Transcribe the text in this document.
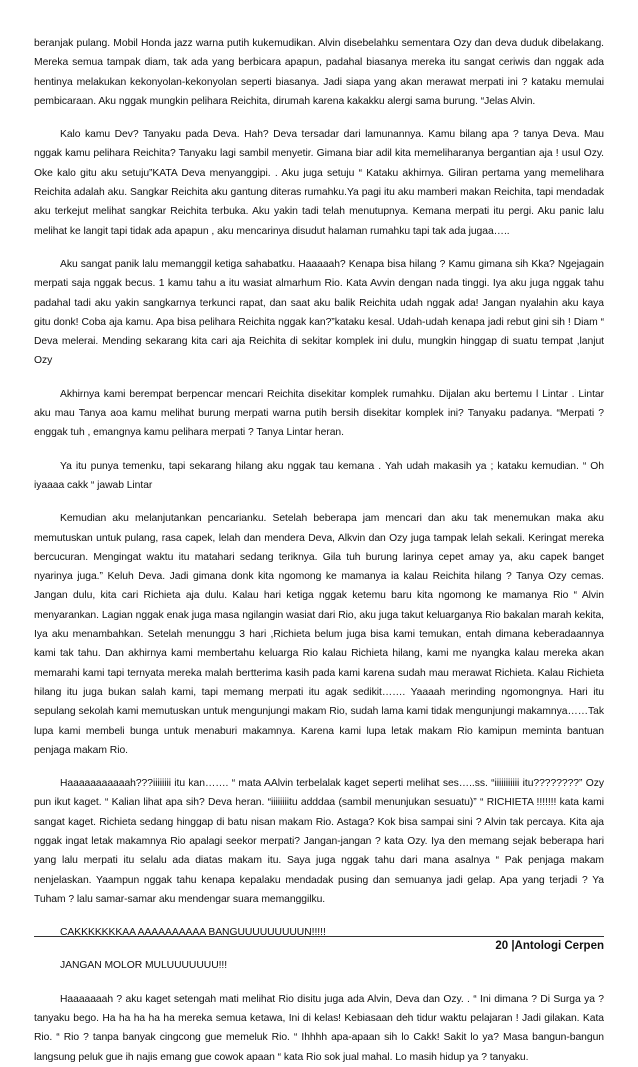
beranjak pulang. Mobil Honda jazz warna putih kukemudikan. Alvin disebelahku sementara Ozy dan deva duduk dibelakang. Mereka semua tampak diam, tak ada yang berbicara apapun, padahal biasanya mereka itu sangat ceriwis dan nggak ada hentinya melakukan kekonyolan-kekonyolan seperti biasanya. Jadi siapa yang akan merawat merpati ini ? kataku memulai pembicaraan. Aku nggak mungkin pelihara Reichita, dirumah karena kakakku alergi sama burung. “Jelas Alvin.

Kalo kamu Dev? Tanyaku pada Deva. Hah? Deva tersadar dari lamunannya. Kamu bilang apa ? tanya Deva. Mau nggak kamu pelihara Reichita? Tanyaku lagi sambil menyetir. Gimana biar adil kita memeliharanya bergantian aja ! usul Ozy. Oke kalo gitu aku setuju”KATA Deva menyanggipi. . Aku juga setuju “ Kataku akhirnya. Giliran pertama yang memelihara Reichita adalah aku. Sangkar Reichita aku gantung diteras rumahku.Ya pagi itu aku mamberi makan Reichita, tapi mendadak aku terkejut melihat sangkar Reichita terbuka. Aku yakin tadi telah menutupnya. Kemana merpati itu pergi. Aku panic lalu melihat ke langit tapi tidak ada apapun , aku mencarinya disudut halaman rumahku tapi tak ada jugaa…..

Aku sangat panik lalu memanggil ketiga sahabatku. Haaaaah? Kenapa bisa hilang ? Kamu gimana sih Kka? Ngejagain merpati saja nggak becus. 1 kamu tahu a itu wasiat almarhum Rio. Kata Avvin dengan nada tinggi. Iya aku juga nggak tahu padahal tadi aku yakin sangkarnya terkunci rapat, dan saat aku balik Reichita udah nggak ada! Jangan nyalahin aku kaya gitu donk! Coba aja kamu. Apa bisa pelihara Reichita nggak kan?”kataku kesal. Udah-udah kenapa jadi rebut gini sih ! Diam “ Deva melerai. Mending sekarang kita cari aja Reichita di sekitar komplek ini dulu, mungkin hinggap di suatu tempat ,lanjut Ozy

Akhirnya kami berempat berpencar mencari Reichita disekitar komplek rumahku. Dijalan aku bertemu l Lintar . Lintar aku mau Tanya aoa kamu melihat burung merpati warna putih bersih disekitar komplek ini? Tanyaku padanya. “Merpati ? enggak tuh , emangnya kamu pelihara merpati ? Tanya Lintar heran.

Ya itu punya temenku, tapi sekarang hilang aku nggak tau kemana . Yah udah makasih ya ; kataku kemudian. “ Oh iyaaaa cakk “ jawab Lintar

Kemudian aku melanjutankan pencarianku. Setelah beberapa jam mencari dan aku tak menemukan maka aku memutuskan untuk pulang, rasa capek, lelah dan mendera Deva, Alkvin dan Ozy juga tampak lelah sekali. Keringat mereka bercucuran. Mengingat waktu itu matahari sedang teriknya. Gila tuh burung larinya cepet amay ya, aku capek banget nyarinya juga.” Keluh Deva. Jadi gimana donk kita ngomong ke mamanya ia kalau Reichita hilang ? Tanya Ozy cemas. Jangan dulu, kita cari Richieta aja dulu. Kalau hari ketiga nggak ketemu baru kita ngomong ke mamanya Rio “ Alvin menyarankan. Lagian nggak enak juga masa ngilangin wasiat dari Rio, aku juga takut keluarganya Rio bakalan marah kekita, Iya aku menambahkan. Setelah menunggu 3 hari ,Richieta belum juga bisa kami temukan, entah dimana keberadaannya kami tak tahu. Dan akhirnya kami membertahu keluarga Rio kalau Richieta hilang, kami me nyangka kalau mereka akan memarahi kami tapi ternyata mereka malah bertterima kasih pada kami karena sudah mau merawat Richieta. Kalau Richieta hilang itu juga bukan salah kami, tapi memang merpati itu agak sedikit……. Yaaaah merinding ngomongnya. Hari itu sepulang sekolah kami memutuskan untuk mengunjungi makam Rio, sudah lama kami tidak mengunjungi makamnya……Tak lupa kami membeli bunga untuk menaburi makamnya. Karena kami lupa letak makam Rio kamipun meminta bantuan penjaga makam Rio.

Haaaaaaaaaaah???iiiiiiii itu kan……. “ mata AAlvin terbelalak kaget seperti melihat ses…..ss. “iiiiiiiiiii itu????????” Ozy pun ikut kaget. “ Kalian lihat apa sih? Deva heran. “iiiiiiiitu adddaa (sambil menunjukan sesuatu)” “ RICHIETA !!!!!!! kata kami sangat kaget. Richieta sedang hinggap di batu nisan makam Rio. Astaga? Kok bisa sampai sini ? Alvin tak percaya. Kita aja nggak ingat letak makamnya Rio apalagi seekor merpati? Jangan-jangan ? kata Ozy. Iya den memang sejak beberapa hari yang lalu merpati itu selalu ada diatas makam itu. Saya juga nggak tahu dari mana asalnya “ Pak penjaga makam nenjelaskan. Yaampun nggak tahu kenapa kepalaku mendadak pusing dan semuanya jadi gelap. Apa yang terjadi ? Ya Tuham ? lalu samar-samar aku mendengar suara memanggilku.

CAKKKKKKKAA AAAAAAAAAA BANGUUUUUUUUUN!!!!!

JANGAN MOLOR MULUUUUUUU!!!

Haaaaaaah ? aku kaget setengah mati melihat Rio disitu juga ada Alvin, Deva dan Ozy. . “ Ini dimana ? Di Surga ya ? tanyaku bego. Ha ha ha ha ha mereka semua ketawa, Ini di kelas! Kebiasaan deh tidur waktu pelajaran ! Jadi gilakan. Kata Rio. “ Rio ? tanpa banyak cingcong gue memeluk Rio. “ Ihhhh apa-apaan sih lo Cakk! Sakit lo ya? Masa bangun-bangun langsung peluk gue ih najis emang gue cowok apaan “ kata Rio sok jual mahal. Lo masih hidup ya ? tanyaku.

20 |Antologi Cerpen
